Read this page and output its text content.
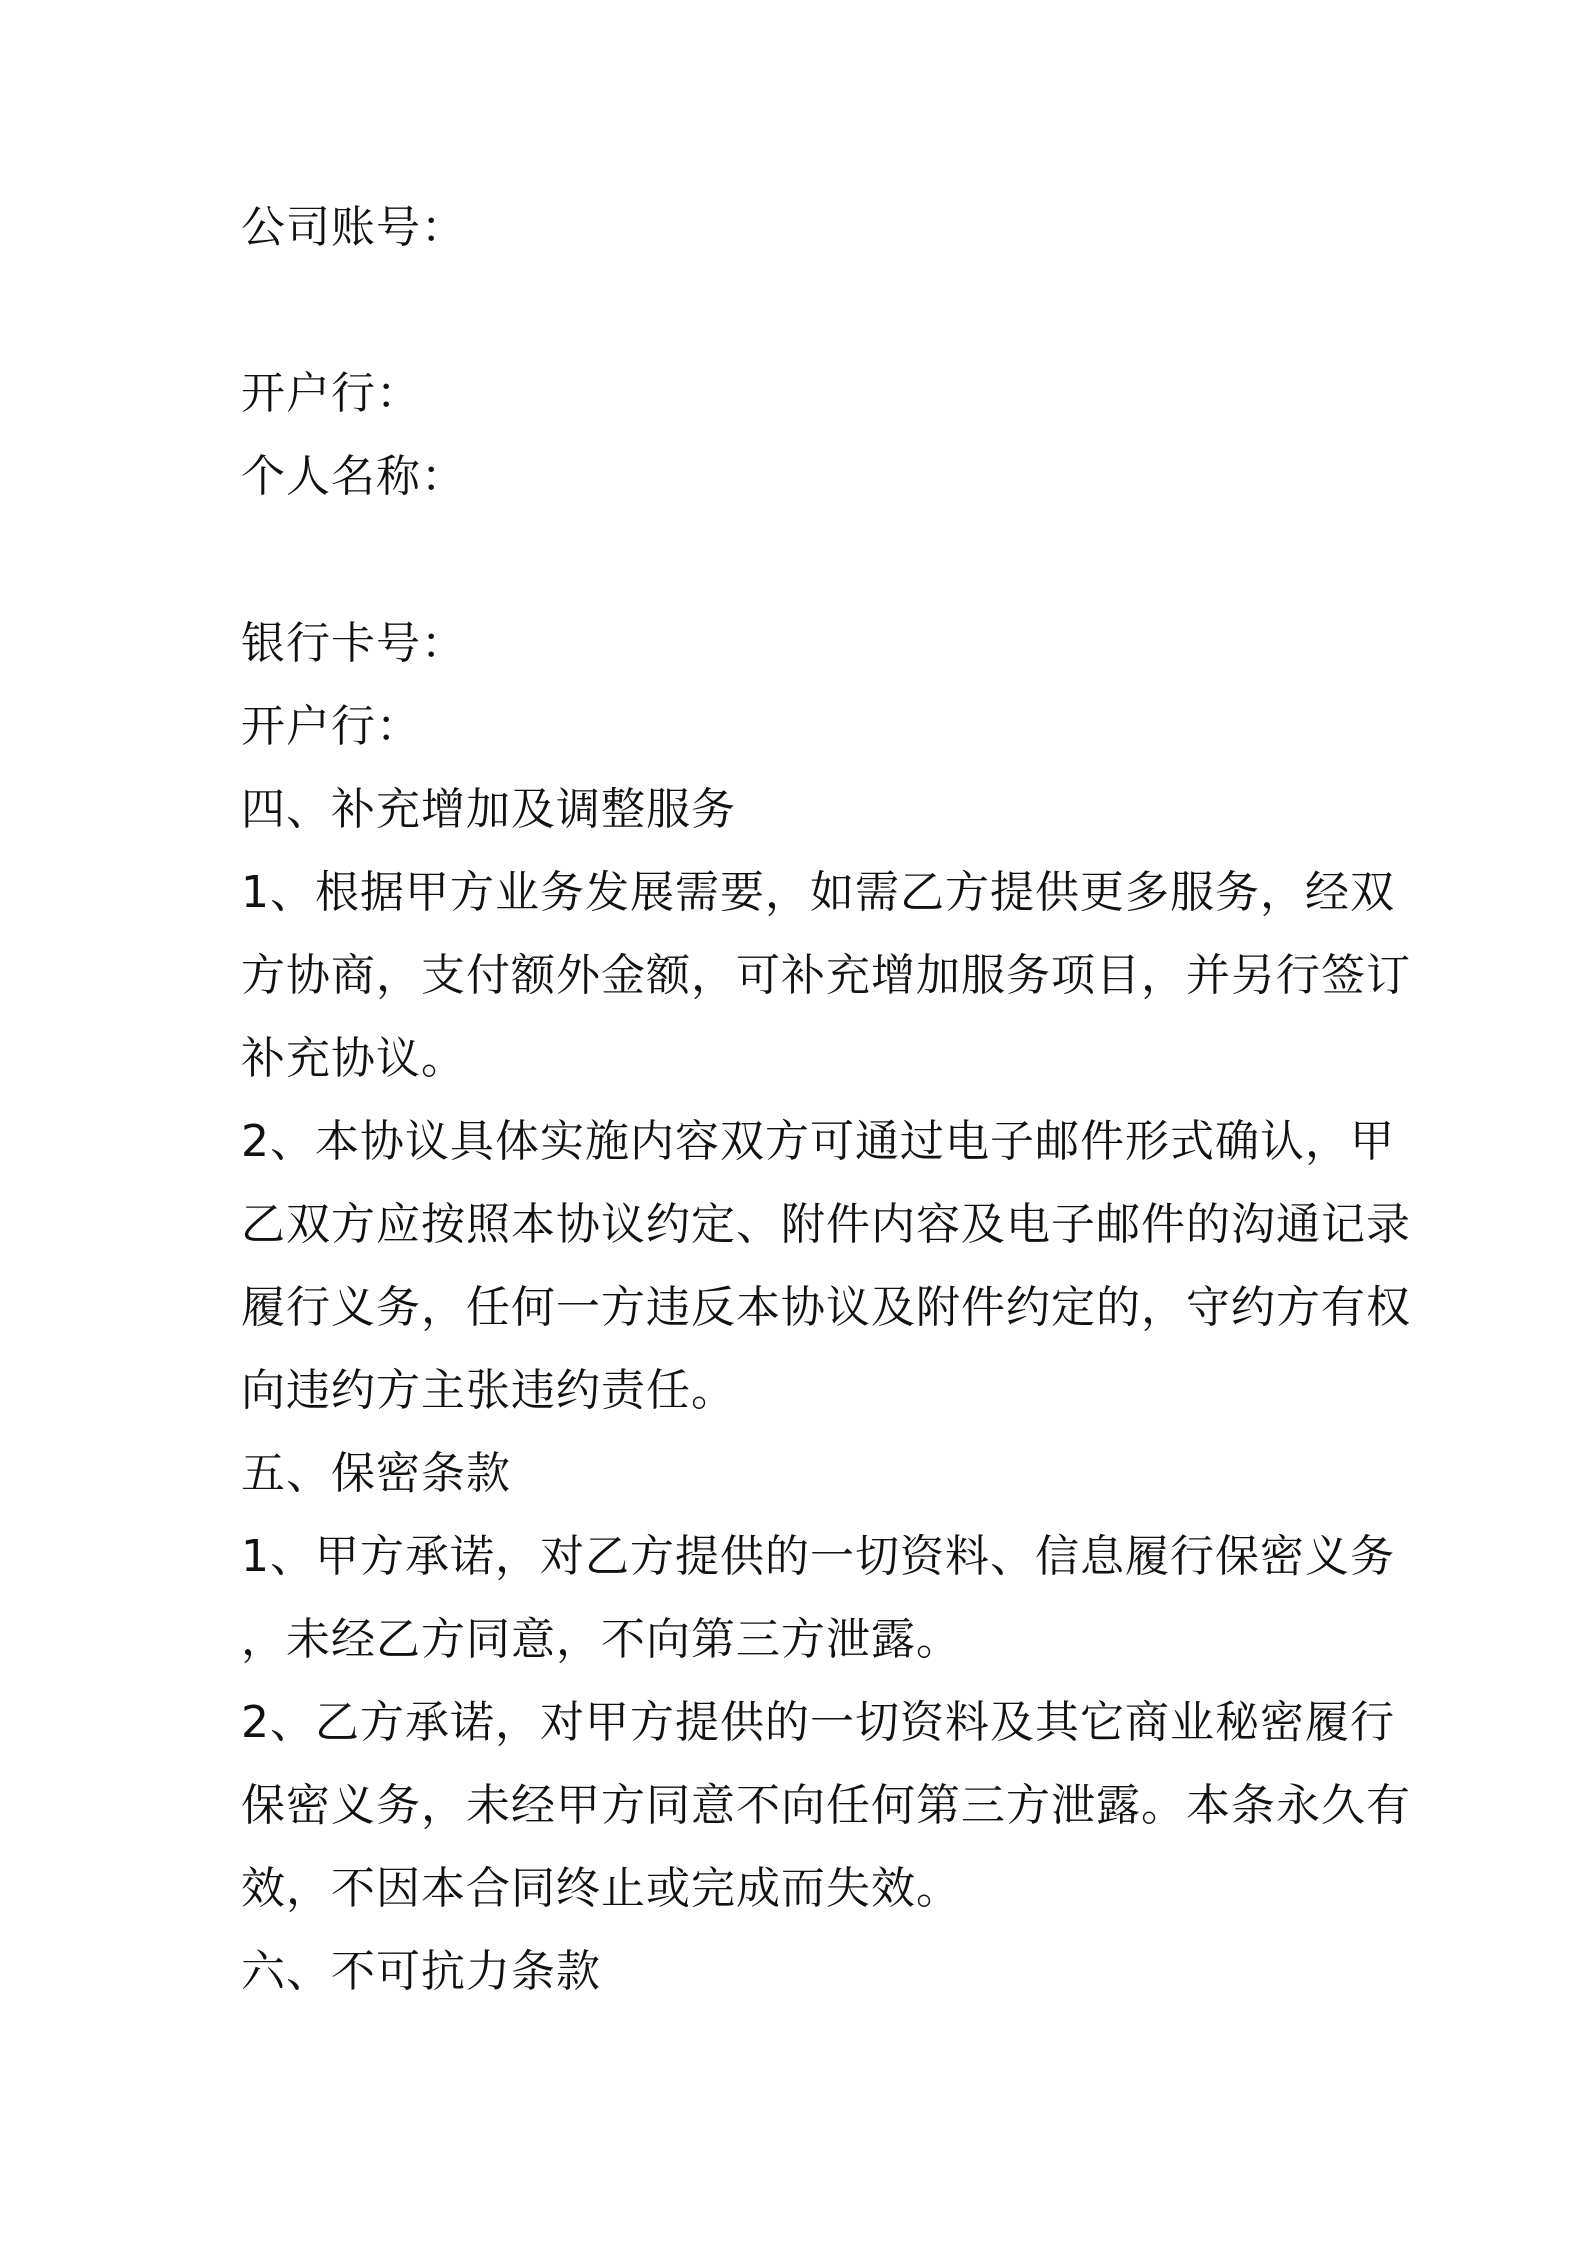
公司账号：

开户行：

个人名称：

银行卡号：

开户行：

四、补充增加及调整服务

1、根据甲方业务发展需要，如需乙方提供更多服务，经双

方协商，支付额外金额，可补充增加服务项目，并另行签订

补充协议。

2、本协议具体实施内容双方可通过电子邮件形式确认，甲

乙双方应按照本协议约定、附件内容及电子邮件的沟通记录

履行义务，任何一方违反本协议及附件约定的，守约方有权

向违约方主张违约责任。

五、保密条款

1、甲方承诺，对乙方提供的一切资料、信息履行保密义务

，未经乙方同意，不向第三方泄露。

2、乙方承诺，对甲方提供的一切资料及其它商业秘密履行

保密义务，未经甲方同意不向任何第三方泄露。本条永久有

效，不因本合同终止或完成而失效。

六、不可抗力条款
